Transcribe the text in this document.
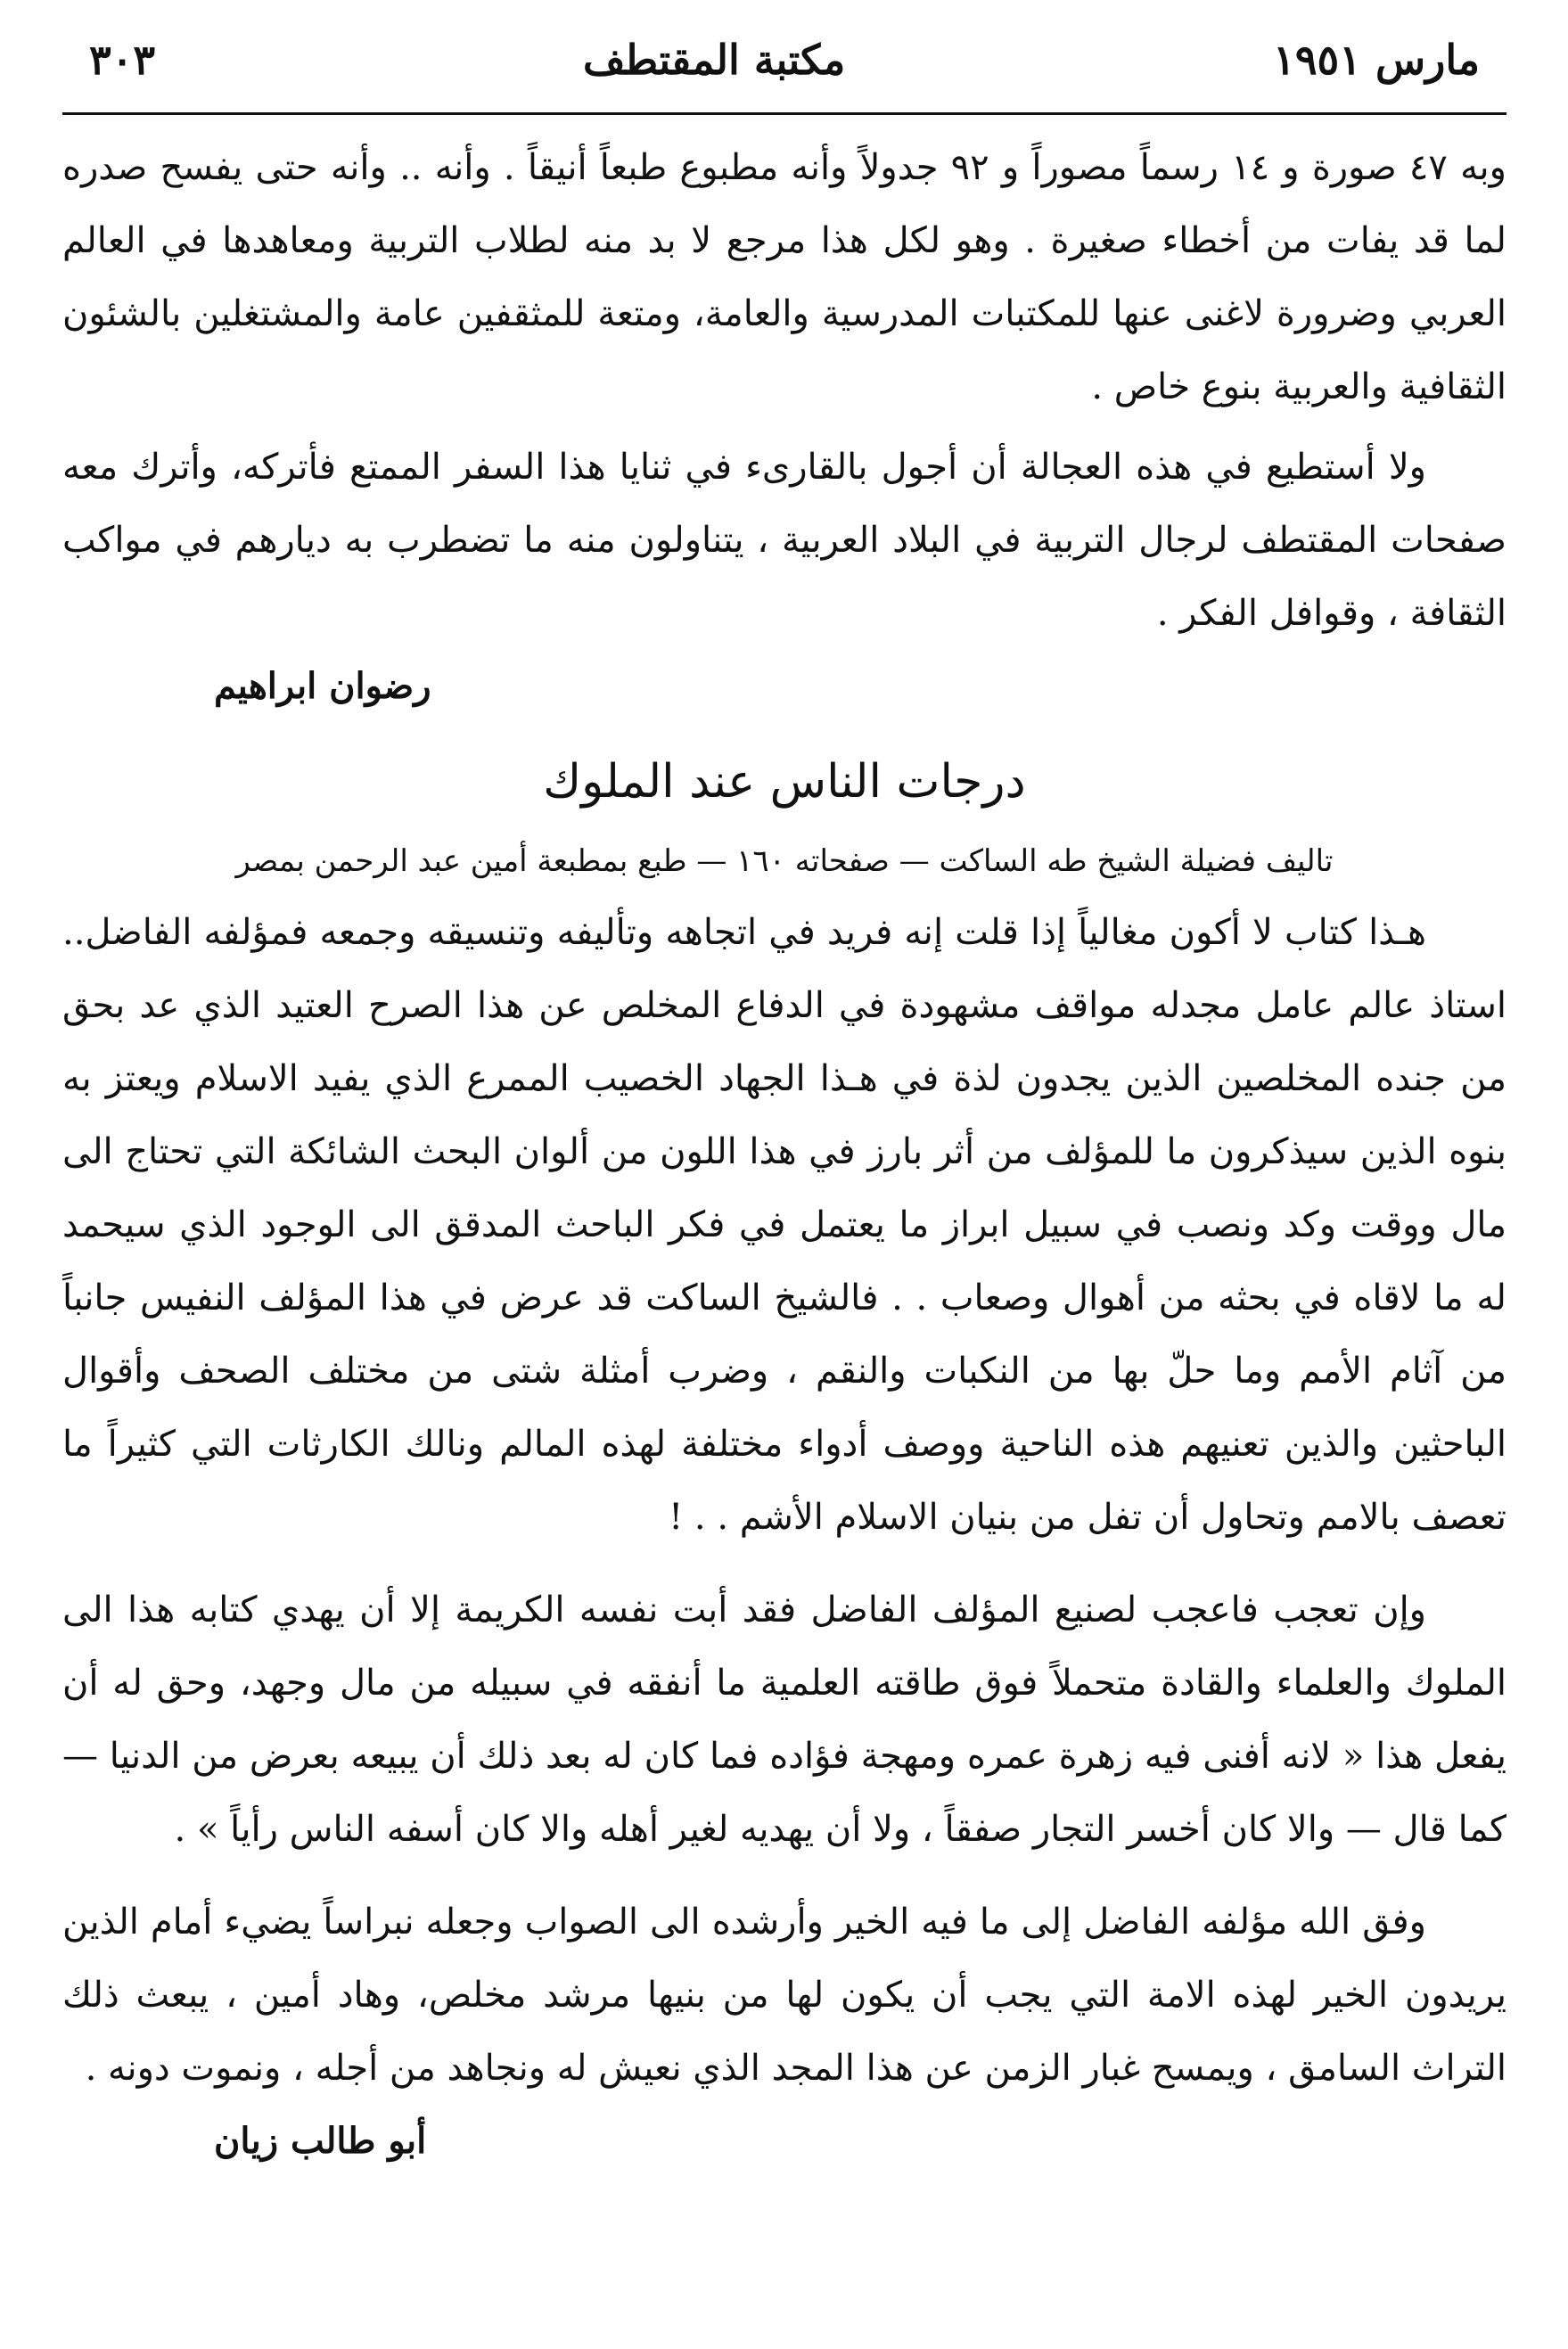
مارس ١٩٥١
مكتبة المقتطف
٣٠٣

وبه ٤٧ صورة و ١٤ رسماً مصوراً و ٩٢ جدولاً وأنه مطبوع طبعاً أنيقاً . وأنه .. وأنه حتى يفسح صدره لما قد يفات من أخطاء صغيرة . وهو لكل هذا مرجع لا بد منه لطلاب التربية ومعاهدها في العالم العربي وضرورة لاغنى عنها للمكتبات المدرسية والعامة، ومتعة للمثقفين عامة والمشتغلين بالشئون الثقافية والعربية بنوع خاص .

ولا أستطيع في هذه العجالة أن أجول بالقارىء في ثنايا هذا السفر الممتع فأتركه، وأترك معه صفحات المقتطف لرجال التربية في البلاد العربية ، يتناولون منه ما تضطرب به ديارهم في مواكب الثقافة ، وقوافل الفكر .

رضوان ابراهيم
درجات الناس عند الملوك
تاليف فضيلة الشيخ طه الساكت — صفحاته ١٦٠ — طبع بمطبعة أمين عبد الرحمن بمصر

هـذا كتاب لا أكون مغالياً إذا قلت إنه فريد في اتجاهه وتأليفه وتنسيقه وجمعه فمؤلفه الفاضل.. استاذ عالم عامل مجدله مواقف مشهودة في الدفاع المخلص عن هذا الصرح العتيد الذي عد بحق من جنده المخلصين الذين يجدون لذة في هـذا الجهاد الخصيب الممرع الذي يفيد الاسلام ويعتز به بنوه الذين سيذكرون ما للمؤلف من أثر بارز في هذا اللون من ألوان البحث الشائكة التي تحتاج الى مال ووقت وكد ونصب في سبيل ابراز ما يعتمل في فكر الباحث المدقق الى الوجود الذي سيحمد له ما لاقاه في بحثه من أهوال وصعاب . . فالشيخ الساكت قد عرض في هذا المؤلف النفيس جانباً من آثام الأمم وما حلّ بها من النكبات والنقم ، وضرب أمثلة شتى من مختلف الصحف وأقوال الباحثين والذين تعنيهم هذه الناحية ووصف أدواء مختلفة لهذه المالم ونالك الكارثات التي كثيراً ما تعصف بالامم وتحاول أن تفل من بنيان الاسلام الأشم . . !

وإن تعجب فاعجب لصنيع المؤلف الفاضل فقد أبت نفسه الكريمة إلا أن يهدي كتابه هذا الى الملوك والعلماء والقادة متحملاً فوق طاقته العلمية ما أنفقه في سبيله من مال وجهد، وحق له أن يفعل هذا « لانه أفنى فيه زهرة عمره ومهجة فؤاده فما كان له بعد ذلك أن يبيعه بعرض من الدنيا — كما قال — والا كان أخسر التجار صفقاً ، ولا أن يهديه لغير أهله والا كان أسفه الناس رأياً » .

وفق الله مؤلفه الفاضل إلى ما فيه الخير وأرشده الى الصواب وجعله نبراساً يضيء أمام الذين يريدون الخير لهذه الامة التي يجب أن يكون لها من بنيها مرشد مخلص، وهاد أمين ، يبعث ذلك التراث السامق ، ويمسح غبار الزمن عن هذا المجد الذي نعيش له ونجاهد من أجله ، ونموت دونه .

أبو طالب زيان
